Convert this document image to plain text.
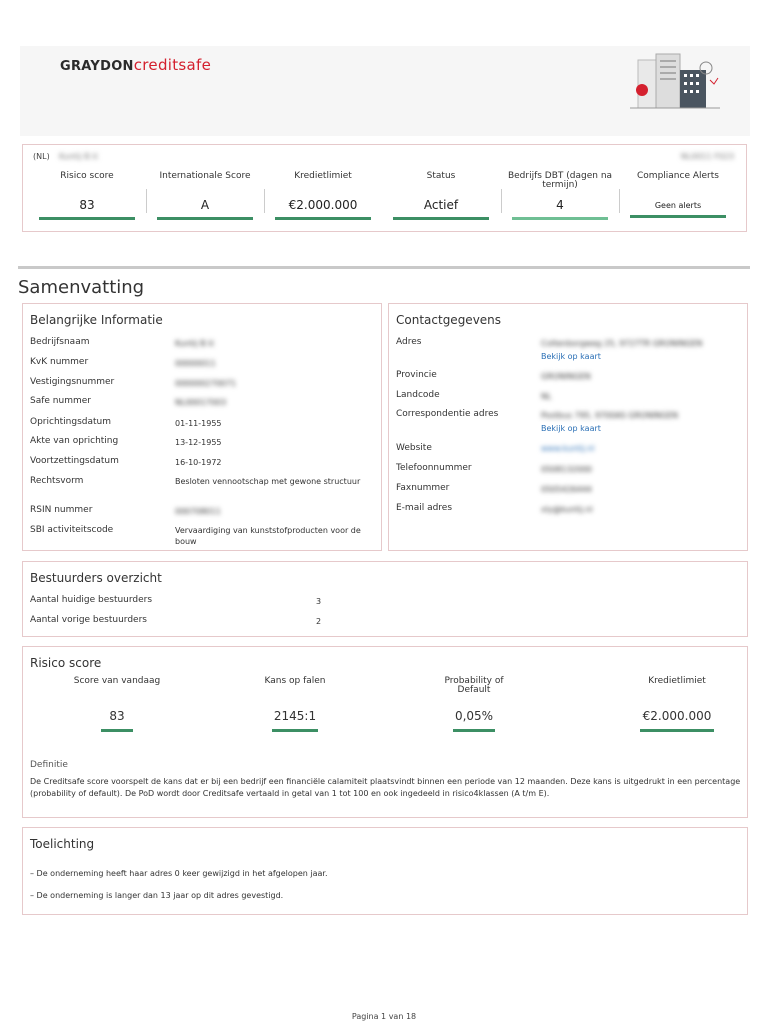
GRAYDONcreditsafe
(NL) Kuntij B.V.	NL0011 F023
Risico score
83
Internationale Score
A
Kredietlimiet
€2.000.000
Status
Actief
Bedrijfs DBT (dagen na termijn)
4
Compliance Alerts
Geen alerts
Samenvatting
Belangrijke Informatie
Bedrijfsnaam	Kuntij B.V.
KvK nummer	00000011
Vestigingsnummer	000000270071
Safe nummer	NL00017003
Oprichtingsdatum	01-11-1955
Akte van oprichting	13-12-1955
Voortzettingsdatum	16-10-1972
Rechtsvorm	Besloten vennootschap met gewone structuur
RSIN nummer	000708011
SBI activiteitscode	Vervaardiging van kunststofproducten voor de bouw
Contactgegevens
Adres	Coltenborgweg 25, 9727TR GRONINGEN
Bekijk op kaart
Provincie	GRONINGEN
Landcode	NL
Correspondentie adres	Postbus 795, 9700AS GRONINGEN
Bekijk op kaart
Website	www.kuntij.nl
Telefoonnummer	0508132000
Faxnummer	0505426444
E-mail adres	xly@kuntij.nl
Bestuurders overzicht
Aantal huidige bestuurders	3
Aantal vorige bestuurders	2
Risico score
Score van vandaag
83
Kans op falen
2145:1
Probability of Default
0,05%
Kredietlimiet
€2.000.000
Definitie
De Creditsafe score voorspelt de kans dat er bij een bedrijf een financiële calamiteit plaatsvindt binnen een periode van 12 maanden. Deze kans is uitgedrukt in een percentage (probability of default). De PoD wordt door Creditsafe vertaald in getal van 1 tot 100 en ook ingedeeld in risico4klassen (A t/m E).
Toelichting
– De onderneming heeft haar adres 0 keer gewijzigd in het afgelopen jaar.
– De onderneming is langer dan 13 jaar op dit adres gevestigd.
Pagina 1 van 18
